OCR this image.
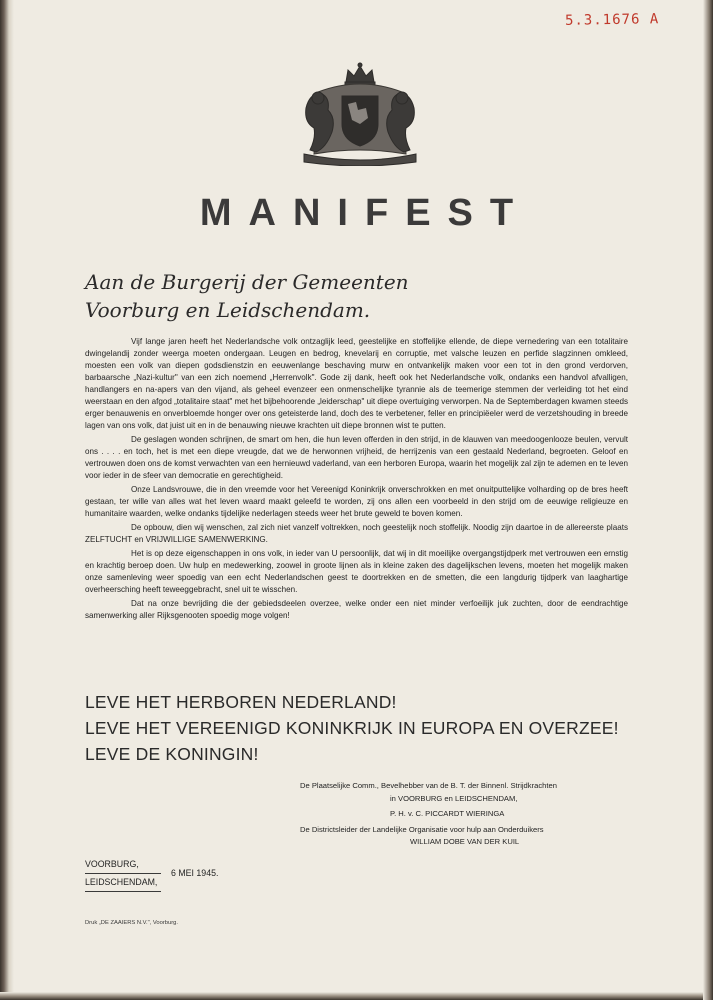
5.3.1676 A
MANIFEST
Aan de Burgerij der Gemeenten
Voorburg en Leidschendam.

Vijf lange jaren heeft het Nederlandsche volk ontzaglijk leed, geestelijke en stoffelijke ellende, de diepe vernedering van een totalitaire dwingelandij zonder weerga moeten ondergaan. Leugen en bedrog, knevelarij en corruptie, met valsche leuzen en perfide slagzinnen omkleed, moesten een volk van diepen godsdienstzin en eeuwenlange beschaving murw en ontvankelijk maken voor een tot in den grond verdorven, barbaarsche „Nazi-kultur" van een zich noemend „Herrenvolk". Gode zij dank, heeft ook het Nederlandsche volk, ondanks een handvol afvalligen, handlangers en na-apers van den vijand, als geheel evenzeer een onmenschelijke tyrannie als de teemerige stemmen der verleiding tot het eind weerstaan en den afgod „totalitaire staat" met het bijbehoorende „leiderschap" uit diepe overtuiging verworpen. Na de Septemberdagen kwamen steeds erger benauwenis en onverbloemde honger over ons geteisterde land, doch des te verbetener, feller en principiëeler werd de verzetshouding in breede lagen van ons volk, dat juist uit en in de benauwing nieuwe krachten uit diepe bronnen wist te putten.

De geslagen wonden schrijnen, de smart om hen, die hun leven offerden in den strijd, in de klauwen van meedoogenlooze beulen, vervult ons . . . . en toch, het is met een diepe vreugde, dat we de herwonnen vrijheid, de herrijzenis van een gestaald Nederland, begroeten. Geloof en vertrouwen doen ons de komst verwachten van een hernieuwd vaderland, van een herboren Europa, waarin het mogelijk zal zijn te ademen en te leven voor ieder in de sfeer van democratie en gerechtigheid.

Onze Landsvrouwe, die in den vreemde voor het Vereenigd Koninkrijk onverschrokken en met onuitputtelijke volharding op de bres heeft gestaan, ter wille van alles wat het leven waard maakt geleefd te worden, zij ons allen een voorbeeld in den strijd om de eeuwige religieuze en humanitaire waarden, welke ondanks tijdelijke nederlagen steeds weer het brute geweld te boven komen.

De opbouw, dien wij wenschen, zal zich niet vanzelf voltrekken, noch geestelijk noch stoffelijk. Noodig zijn daartoe in de allereerste plaats ZELFTUCHT en VRIJWILLIGE SAMENWERKING.

Het is op deze eigenschappen in ons volk, in ieder van U persoonlijk, dat wij in dit moeilijke overgangstijdperk met vertrouwen een ernstig en krachtig beroep doen. Uw hulp en medewerking, zoowel in groote lijnen als in kleine zaken des dagelijkschen levens, moeten het mogelijk maken onze samenleving weer spoedig van een echt Nederlandschen geest te doortrekken en de smetten, die een langdurig tijdperk van laaghartige overheersching heeft teweeggebracht, snel uit te wisschen.

Dat na onze bevrijding die der gebiedsdeelen overzee, welke onder een niet minder verfoeilijk juk zuchten, door de eendrachtige samenwerking aller Rijksgenooten spoedig moge volgen!

LEVE HET HERBOREN NEDERLAND!
LEVE HET VEREENIGD KONINKRIJK IN EUROPA EN OVERZEE!
LEVE DE KONINGIN!
De Plaatselijke Comm., Bevelhebber van de B. T. der Binnenl. Strijdkrachten
in VOORBURG en LEIDSCHENDAM,
P. H. v. C. PICCARDT WIERINGA
De Districtsleider der Landelijke Organisatie voor hulp aan Onderduikers
WILLIAM DOBE VAN DER KUIL
VOORBURG,
LEIDSCHENDAM,
6 MEI 1945.
Druk „DE ZAAIERS N.V.", Voorburg.
